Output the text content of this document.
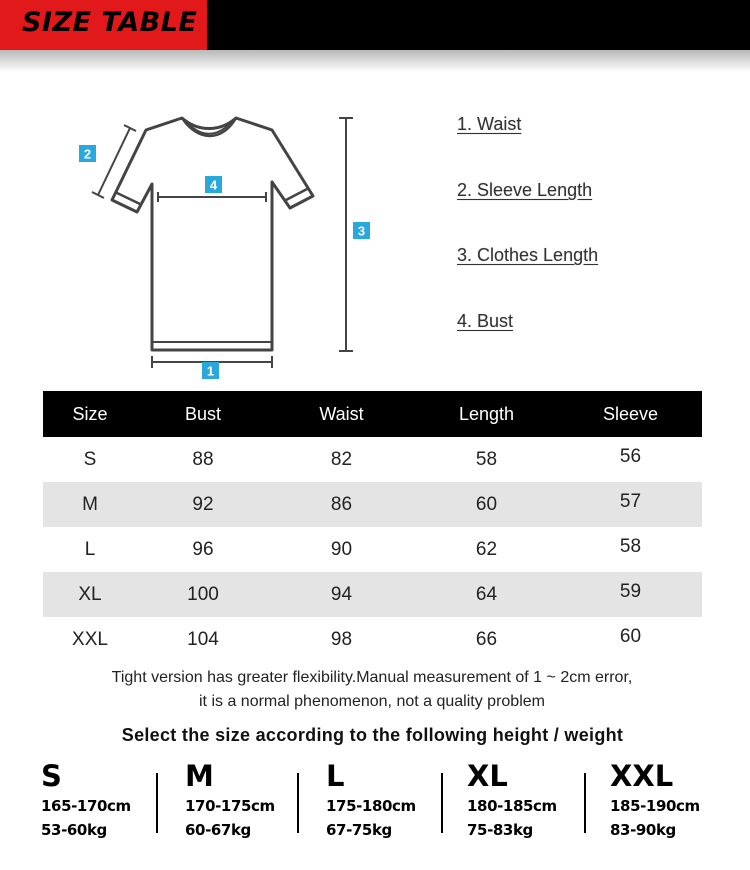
SIZE TABLE
2
4
3
1
1. Waist
2. Sleeve Length
3. Clothes Length
4. Bust
Size	Bust	Waist	Length	Sleeve
S	88	82	58	56
M	92	86	60	57
L	96	90	62	58
XL	100	94	64	59
XXL	104	98	66	60
Tight version has greater flexibility.Manual measurement of 1 ~ 2cm error,
it is a normal phenomenon, not a quality problem
Select the size according to the following height / weight
S
165-170cm
53-60kg
M
170-175cm
60-67kg
L
175-180cm
67-75kg
XL
180-185cm
75-83kg
XXL
185-190cm
83-90kg
